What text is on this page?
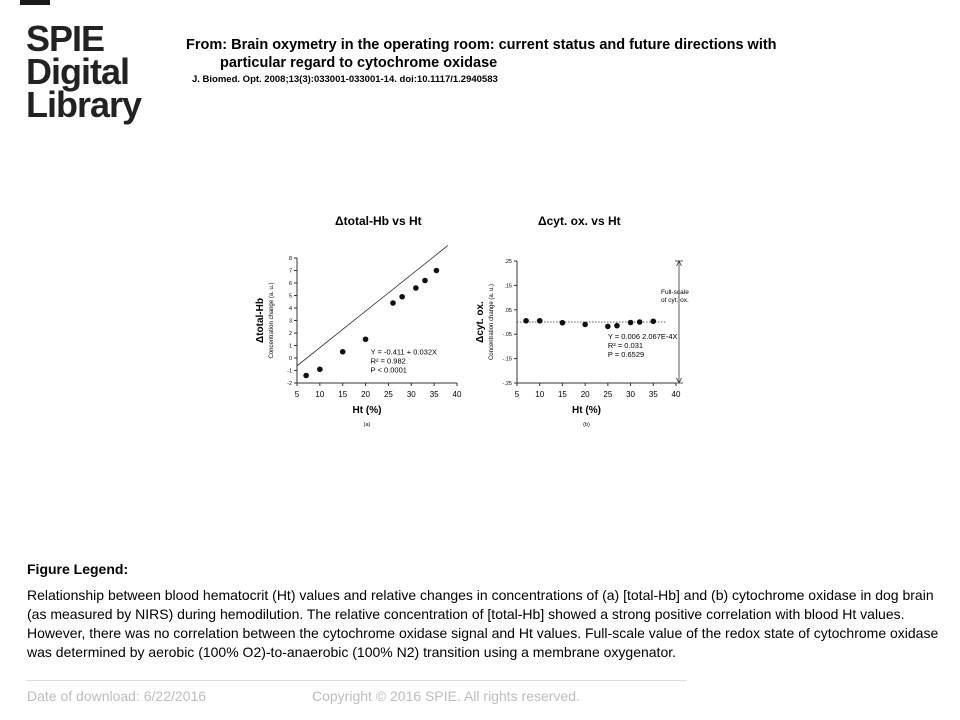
SPIE
Digital
Library
From: Brain oxymetry in the operating room: current status and future directions with
particular regard to cytochrome oxidase
J. Biomed. Opt. 2008;13(3):033001-033001-14. doi:10.1117/1.2940583
Δtotal-Hb vs Ht
5 10 15 20 25 30 35 40
-2
-1
0
1
2
3
4
5
6
7
8
Ht (%)
Δtotal-Hb Concentration change (a. u.)
(a)
Y = -0.411 + 0.032X
R² = 0.982
P < 0.0001
Δcyt. ox. vs Ht
5 10 15 20 25 30 35 40
-.25
-.15
-.05
.05
.15
.25
Ht (%)
Δcyt. ox. Concentration change (a. u.)
(b)
Y = 0.006 2.067E-4X
R² = 0.031
P = 0.6529
Full-scale
of cyt. ox.
Figure Legend:
Relationship between blood hematocrit (Ht) values and relative changes in concentrations of (a) [total-Hb] and (b) cytochrome oxidase in dog brain (as measured by NIRS) during hemodilution. The relative concentration of [total-Hb] showed a strong positive correlation with blood Ht values. However, there was no correlation between the cytochrome oxidase signal and Ht values. Full-scale value of the redox state of cytochrome oxidase was determined by aerobic (100% O2)-to-anaerobic (100% N2) transition using a membrane oxygenator.
Date of download: 6/22/2016	Copyright © 2016 SPIE. All rights reserved.
